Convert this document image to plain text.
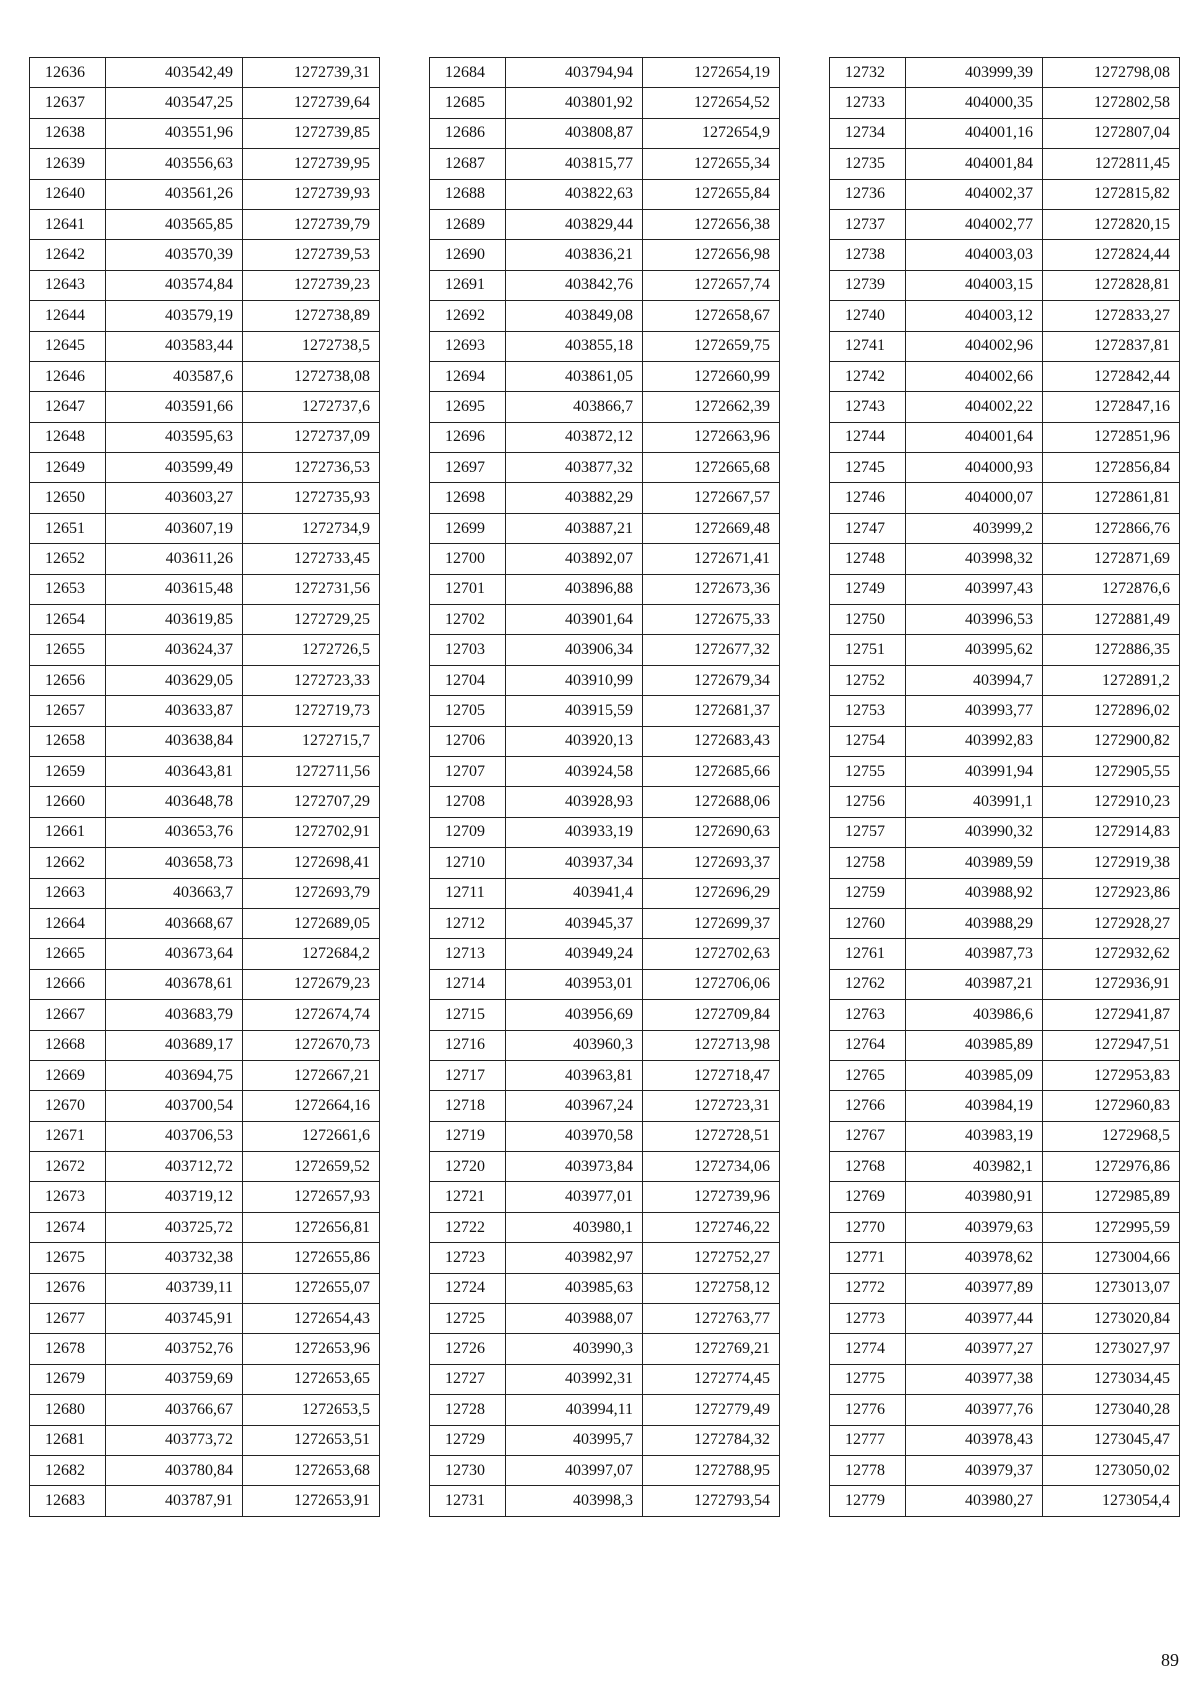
12636	403542,49	1272739,31
12637	403547,25	1272739,64
12638	403551,96	1272739,85
12639	403556,63	1272739,95
12640	403561,26	1272739,93
12641	403565,85	1272739,79
12642	403570,39	1272739,53
12643	403574,84	1272739,23
12644	403579,19	1272738,89
12645	403583,44	1272738,5
12646	403587,6	1272738,08
12647	403591,66	1272737,6
12648	403595,63	1272737,09
12649	403599,49	1272736,53
12650	403603,27	1272735,93
12651	403607,19	1272734,9
12652	403611,26	1272733,45
12653	403615,48	1272731,56
12654	403619,85	1272729,25
12655	403624,37	1272726,5
12656	403629,05	1272723,33
12657	403633,87	1272719,73
12658	403638,84	1272715,7
12659	403643,81	1272711,56
12660	403648,78	1272707,29
12661	403653,76	1272702,91
12662	403658,73	1272698,41
12663	403663,7	1272693,79
12664	403668,67	1272689,05
12665	403673,64	1272684,2
12666	403678,61	1272679,23
12667	403683,79	1272674,74
12668	403689,17	1272670,73
12669	403694,75	1272667,21
12670	403700,54	1272664,16
12671	403706,53	1272661,6
12672	403712,72	1272659,52
12673	403719,12	1272657,93
12674	403725,72	1272656,81
12675	403732,38	1272655,86
12676	403739,11	1272655,07
12677	403745,91	1272654,43
12678	403752,76	1272653,96
12679	403759,69	1272653,65
12680	403766,67	1272653,5
12681	403773,72	1272653,51
12682	403780,84	1272653,68
12683	403787,91	1272653,91
12684	403794,94	1272654,19
12685	403801,92	1272654,52
12686	403808,87	1272654,9
12687	403815,77	1272655,34
12688	403822,63	1272655,84
12689	403829,44	1272656,38
12690	403836,21	1272656,98
12691	403842,76	1272657,74
12692	403849,08	1272658,67
12693	403855,18	1272659,75
12694	403861,05	1272660,99
12695	403866,7	1272662,39
12696	403872,12	1272663,96
12697	403877,32	1272665,68
12698	403882,29	1272667,57
12699	403887,21	1272669,48
12700	403892,07	1272671,41
12701	403896,88	1272673,36
12702	403901,64	1272675,33
12703	403906,34	1272677,32
12704	403910,99	1272679,34
12705	403915,59	1272681,37
12706	403920,13	1272683,43
12707	403924,58	1272685,66
12708	403928,93	1272688,06
12709	403933,19	1272690,63
12710	403937,34	1272693,37
12711	403941,4	1272696,29
12712	403945,37	1272699,37
12713	403949,24	1272702,63
12714	403953,01	1272706,06
12715	403956,69	1272709,84
12716	403960,3	1272713,98
12717	403963,81	1272718,47
12718	403967,24	1272723,31
12719	403970,58	1272728,51
12720	403973,84	1272734,06
12721	403977,01	1272739,96
12722	403980,1	1272746,22
12723	403982,97	1272752,27
12724	403985,63	1272758,12
12725	403988,07	1272763,77
12726	403990,3	1272769,21
12727	403992,31	1272774,45
12728	403994,11	1272779,49
12729	403995,7	1272784,32
12730	403997,07	1272788,95
12731	403998,3	1272793,54
12732	403999,39	1272798,08
12733	404000,35	1272802,58
12734	404001,16	1272807,04
12735	404001,84	1272811,45
12736	404002,37	1272815,82
12737	404002,77	1272820,15
12738	404003,03	1272824,44
12739	404003,15	1272828,81
12740	404003,12	1272833,27
12741	404002,96	1272837,81
12742	404002,66	1272842,44
12743	404002,22	1272847,16
12744	404001,64	1272851,96
12745	404000,93	1272856,84
12746	404000,07	1272861,81
12747	403999,2	1272866,76
12748	403998,32	1272871,69
12749	403997,43	1272876,6
12750	403996,53	1272881,49
12751	403995,62	1272886,35
12752	403994,7	1272891,2
12753	403993,77	1272896,02
12754	403992,83	1272900,82
12755	403991,94	1272905,55
12756	403991,1	1272910,23
12757	403990,32	1272914,83
12758	403989,59	1272919,38
12759	403988,92	1272923,86
12760	403988,29	1272928,27
12761	403987,73	1272932,62
12762	403987,21	1272936,91
12763	403986,6	1272941,87
12764	403985,89	1272947,51
12765	403985,09	1272953,83
12766	403984,19	1272960,83
12767	403983,19	1272968,5
12768	403982,1	1272976,86
12769	403980,91	1272985,89
12770	403979,63	1272995,59
12771	403978,62	1273004,66
12772	403977,89	1273013,07
12773	403977,44	1273020,84
12774	403977,27	1273027,97
12775	403977,38	1273034,45
12776	403977,76	1273040,28
12777	403978,43	1273045,47
12778	403979,37	1273050,02
12779	403980,27	1273054,4
89
